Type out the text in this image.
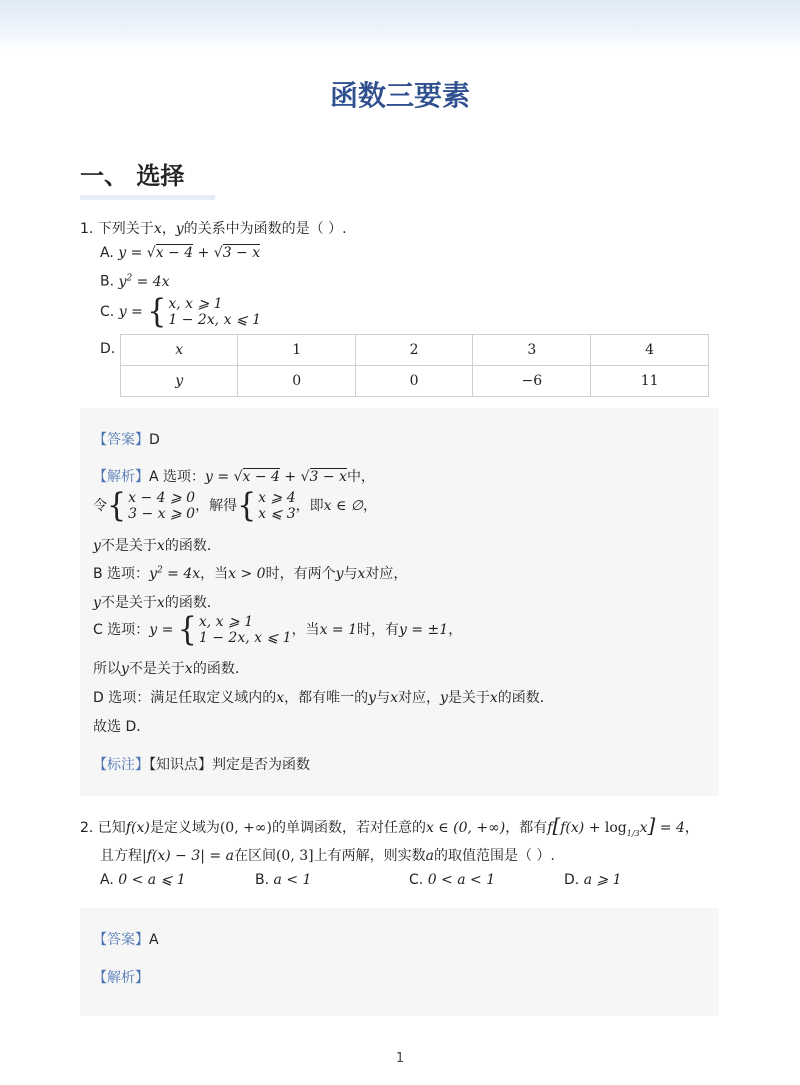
函数三要素
一、 选择
1. 下列关于x，y的关系中为函数的是（ ）.
A. y = √x − 4 + √3 − x
B. $y^2 = 4x$
C. y = { x, x ⩾ 1
1 − 2x, x ⩽ 1
D.	x	1	2	3	4
y	0	0	−6	11
【答案】D
【解析】A 选项：y = √x − 4 + √3 − x中，
令{ x − 4 ⩾ 0
3 − x ⩾ 0，解得{ x ⩾ 4
x ⩽ 3，即x ∈ ∅，
y不是关于x的函数．
B 选项：$y^2 = 4x$，当x > 0时，有两个y与x对应，
y不是关于x的函数．
C 选项：y = { x, x ⩾ 1
1 − 2x, x ⩽ 1，当x = 1时，有y = ±1，
所以y不是关于x的函数．
D 选项：满足任取定义域内的x，都有唯一的y与x对应，y是关于x的函数．
故选 D．
【标注】【知识点】判定是否为函数
2. 已知f(x)是定义域为(0, +∞)的单调函数，若对任意的x ∈ (0, +∞)，都有$f[f(x) + \log_{1/3}x] = 4$，
且方程|f(x) − 3| = a在区间(0, 3]上有两解，则实数a的取值范围是（ ）.
A. 0 < a ⩽ 1	B. a < 1	C. 0 < a < 1	D. a ⩾ 1
【答案】A
【解析】
1
